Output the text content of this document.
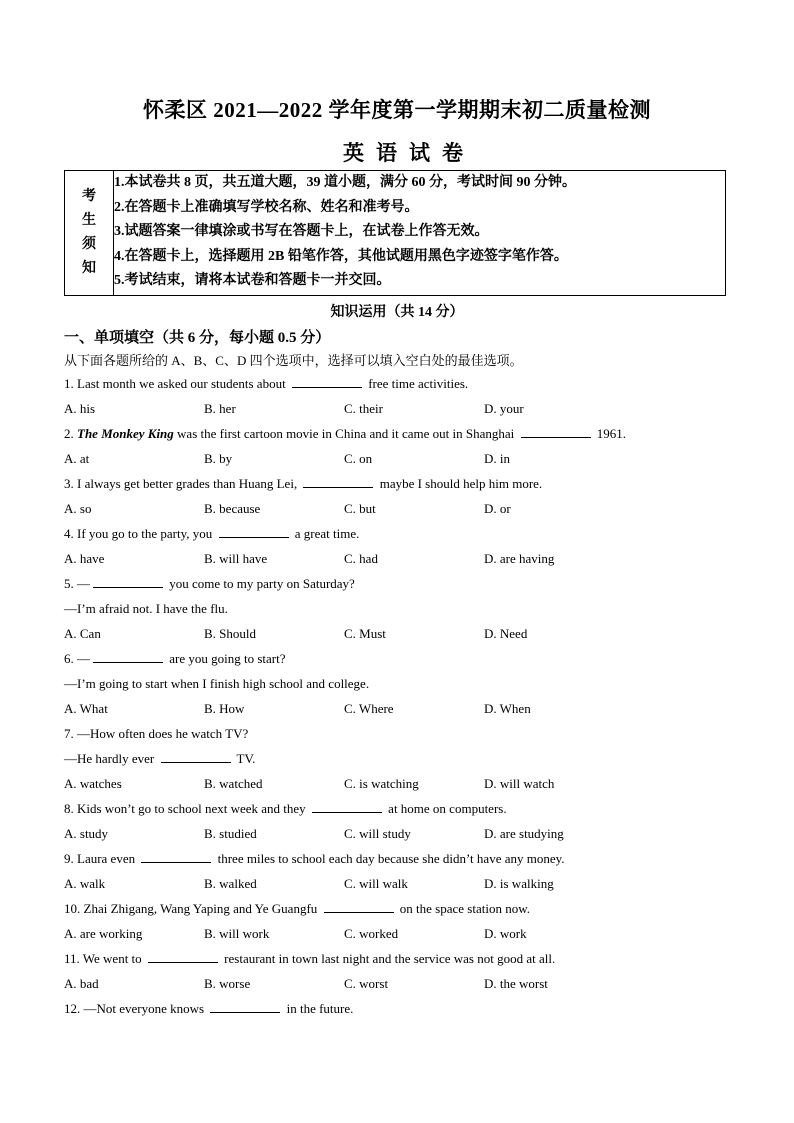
怀柔区 2021—2022 学年度第一学期期末初二质量检测
英语试卷
考
生
须
知

1.本试卷共 8 页，共五道大题，39 道小题，满分 60 分，考试时间 90 分钟。
2.在答题卡上准确填写学校名称、姓名和准考号。
3.试题答案一律填涂或书写在答题卡上，在试卷上作答无效。
4.在答题卡上，选择题用 2B 铅笔作答，其他试题用黑色字迹签字笔作答。
5.考试结束，请将本试卷和答题卡一并交回。
知识运用（共 14 分）
一、单项填空（共 6 分，每小题 0.5 分）
从下面各题所给的 A、B、C、D 四个选项中，选择可以填入空白处的最佳选项。
1. Last month we asked our students about	free time activities.
A. his	B. her	C. their	D. your
2. The Monkey King was the first cartoon movie in China and it came out in Shanghai	1961.
A. at	B. by	C. on	D. in
3. I always get better grades than Huang Lei,	maybe I should help him more.
A. so	B. because	C. but	D. or
4. If you go to the party, you	a great time.
A. have	B. will have	C. had	D. are having
5. —	you come to my party on Saturday?
—I’m afraid not. I have the flu.
A. Can	B. Should	C. Must	D. Need
6. —	are you going to start?
—I’m going to start when I finish high school and college.
A. What	B. How	C. Where	D. When
7. —How often does he watch TV?
—He hardly ever	TV.
A. watches	B. watched	C. is watching	D. will watch
8. Kids won’t go to school next week and they	at home on computers.
A. study	B. studied	C. will study	D. are studying
9. Laura even	three miles to school each day because she didn’t have any money.
A. walk	B. walked	C. will walk	D. is walking
10. Zhai Zhigang, Wang Yaping and Ye Guangfu	on the space station now.
A. are working	B. will work	C. worked	D. work
11. We went to	restaurant in town last night and the service was not good at all.
A. bad	B. worse	C. worst	D. the worst
12. —Not everyone knows	in the future.
